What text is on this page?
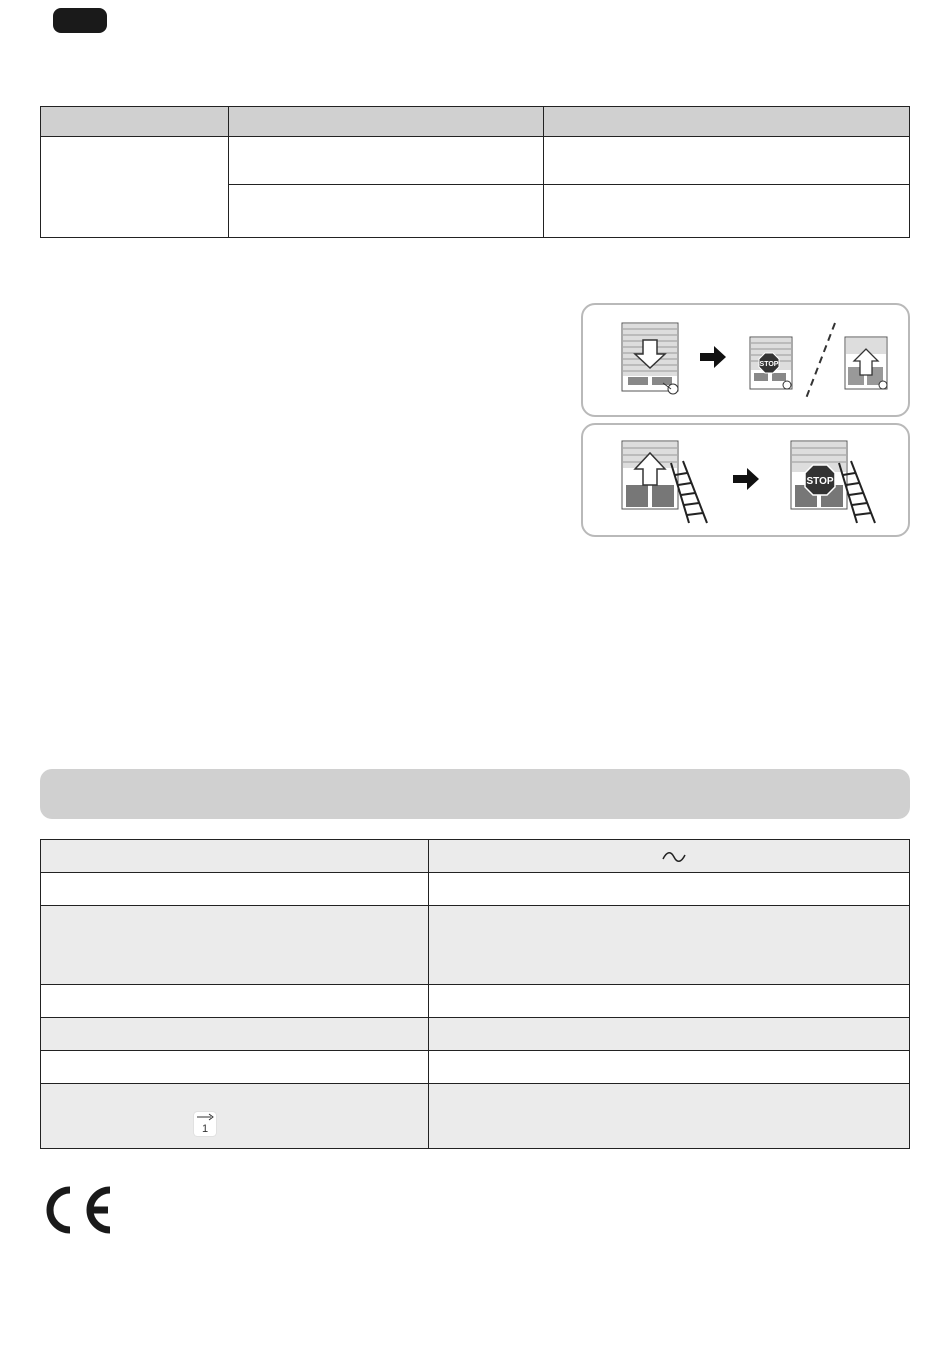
STOP
STOP

1	
